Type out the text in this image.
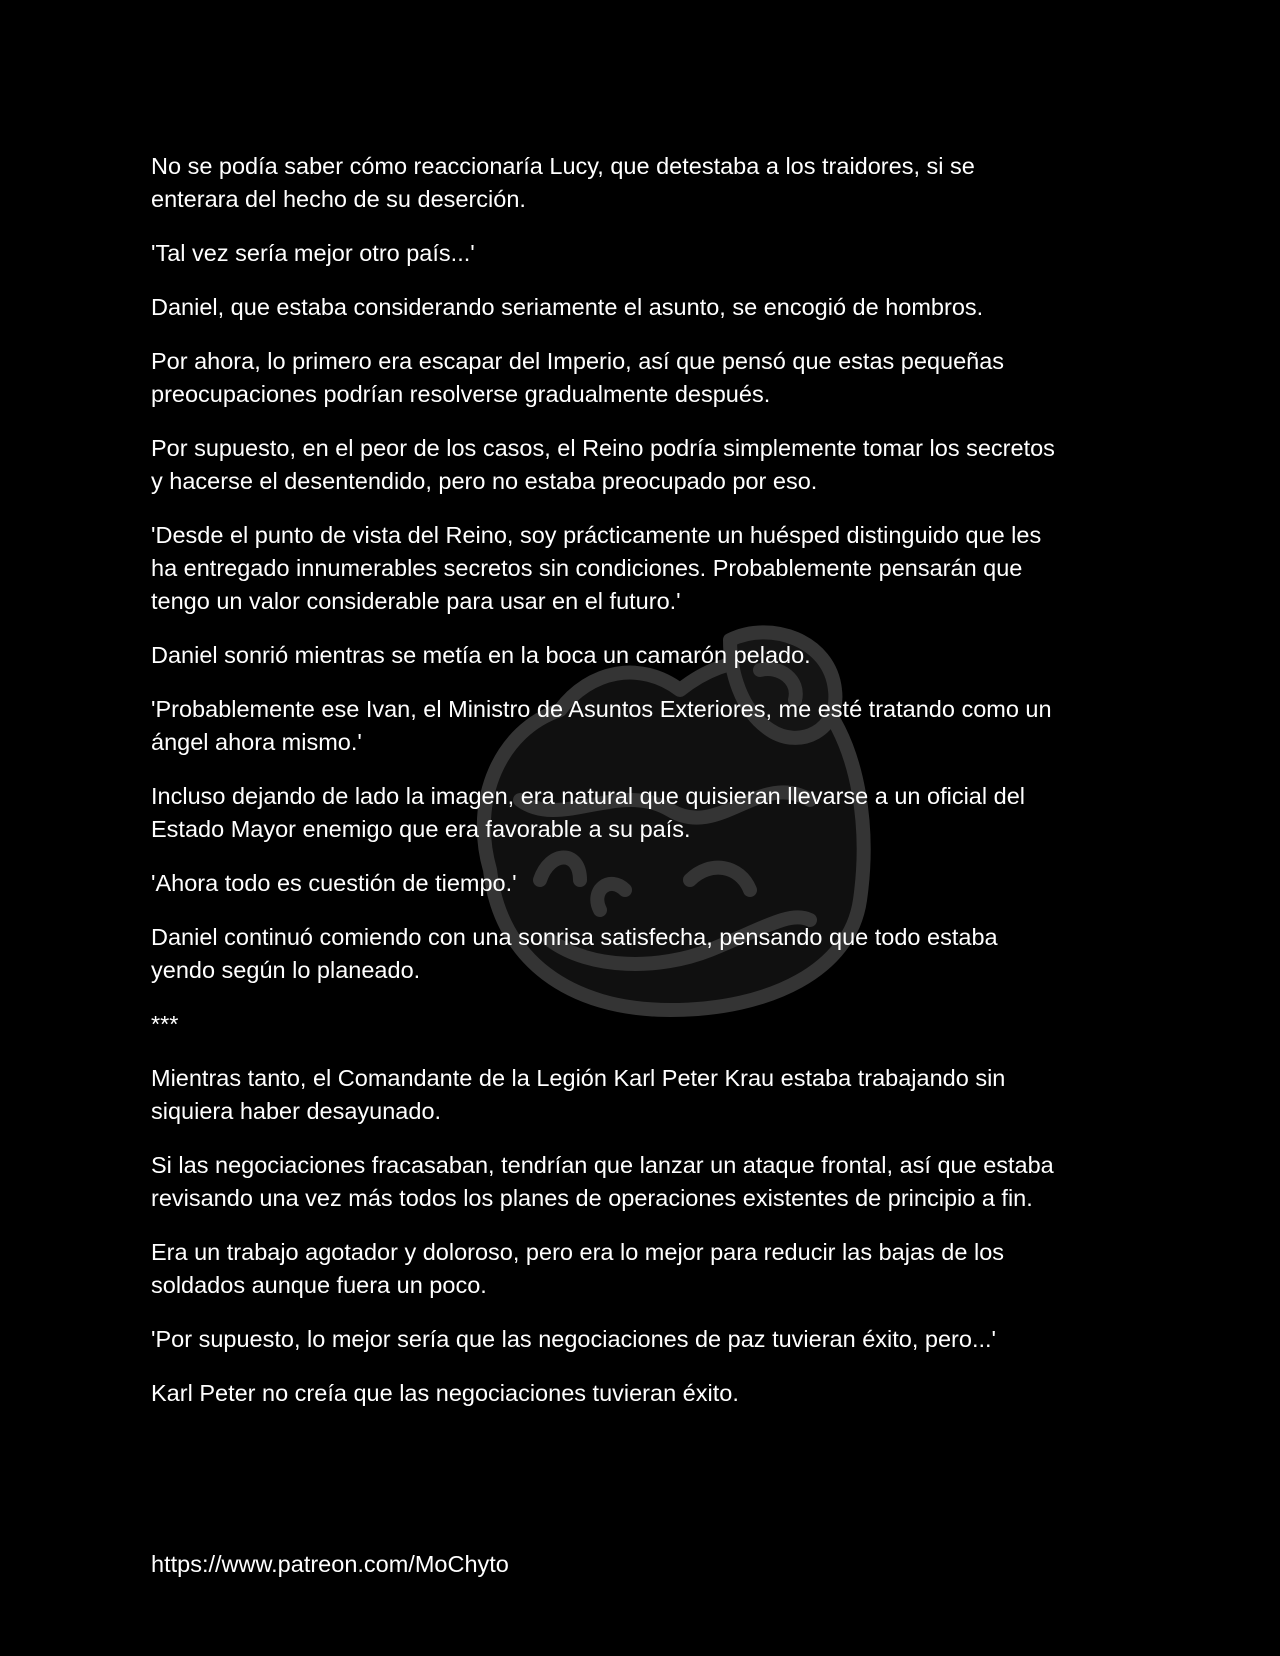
No se podía saber cómo reaccionaría Lucy, que detestaba a los traidores, si se
enterara del hecho de su deserción.

'Tal vez sería mejor otro país...'

Daniel, que estaba considerando seriamente el asunto, se encogió de hombros.

Por ahora, lo primero era escapar del Imperio, así que pensó que estas pequeñas
preocupaciones podrían resolverse gradualmente después.

Por supuesto, en el peor de los casos, el Reino podría simplemente tomar los secretos
y hacerse el desentendido, pero no estaba preocupado por eso.

'Desde el punto de vista del Reino, soy prácticamente un huésped distinguido que les
ha entregado innumerables secretos sin condiciones. Probablemente pensarán que
tengo un valor considerable para usar en el futuro.'

Daniel sonrió mientras se metía en la boca un camarón pelado.

'Probablemente ese Ivan, el Ministro de Asuntos Exteriores, me esté tratando como un
ángel ahora mismo.'

Incluso dejando de lado la imagen, era natural que quisieran llevarse a un oficial del
Estado Mayor enemigo que era favorable a su país.

'Ahora todo es cuestión de tiempo.'

Daniel continuó comiendo con una sonrisa satisfecha, pensando que todo estaba
yendo según lo planeado.

***

Mientras tanto, el Comandante de la Legión Karl Peter Krau estaba trabajando sin
siquiera haber desayunado.

Si las negociaciones fracasaban, tendrían que lanzar un ataque frontal, así que estaba
revisando una vez más todos los planes de operaciones existentes de principio a fin.

Era un trabajo agotador y doloroso, pero era lo mejor para reducir las bajas de los
soldados aunque fuera un poco.

'Por supuesto, lo mejor sería que las negociaciones de paz tuvieran éxito, pero...'

Karl Peter no creía que las negociaciones tuvieran éxito.

https://www.patreon.com/MoChyto
